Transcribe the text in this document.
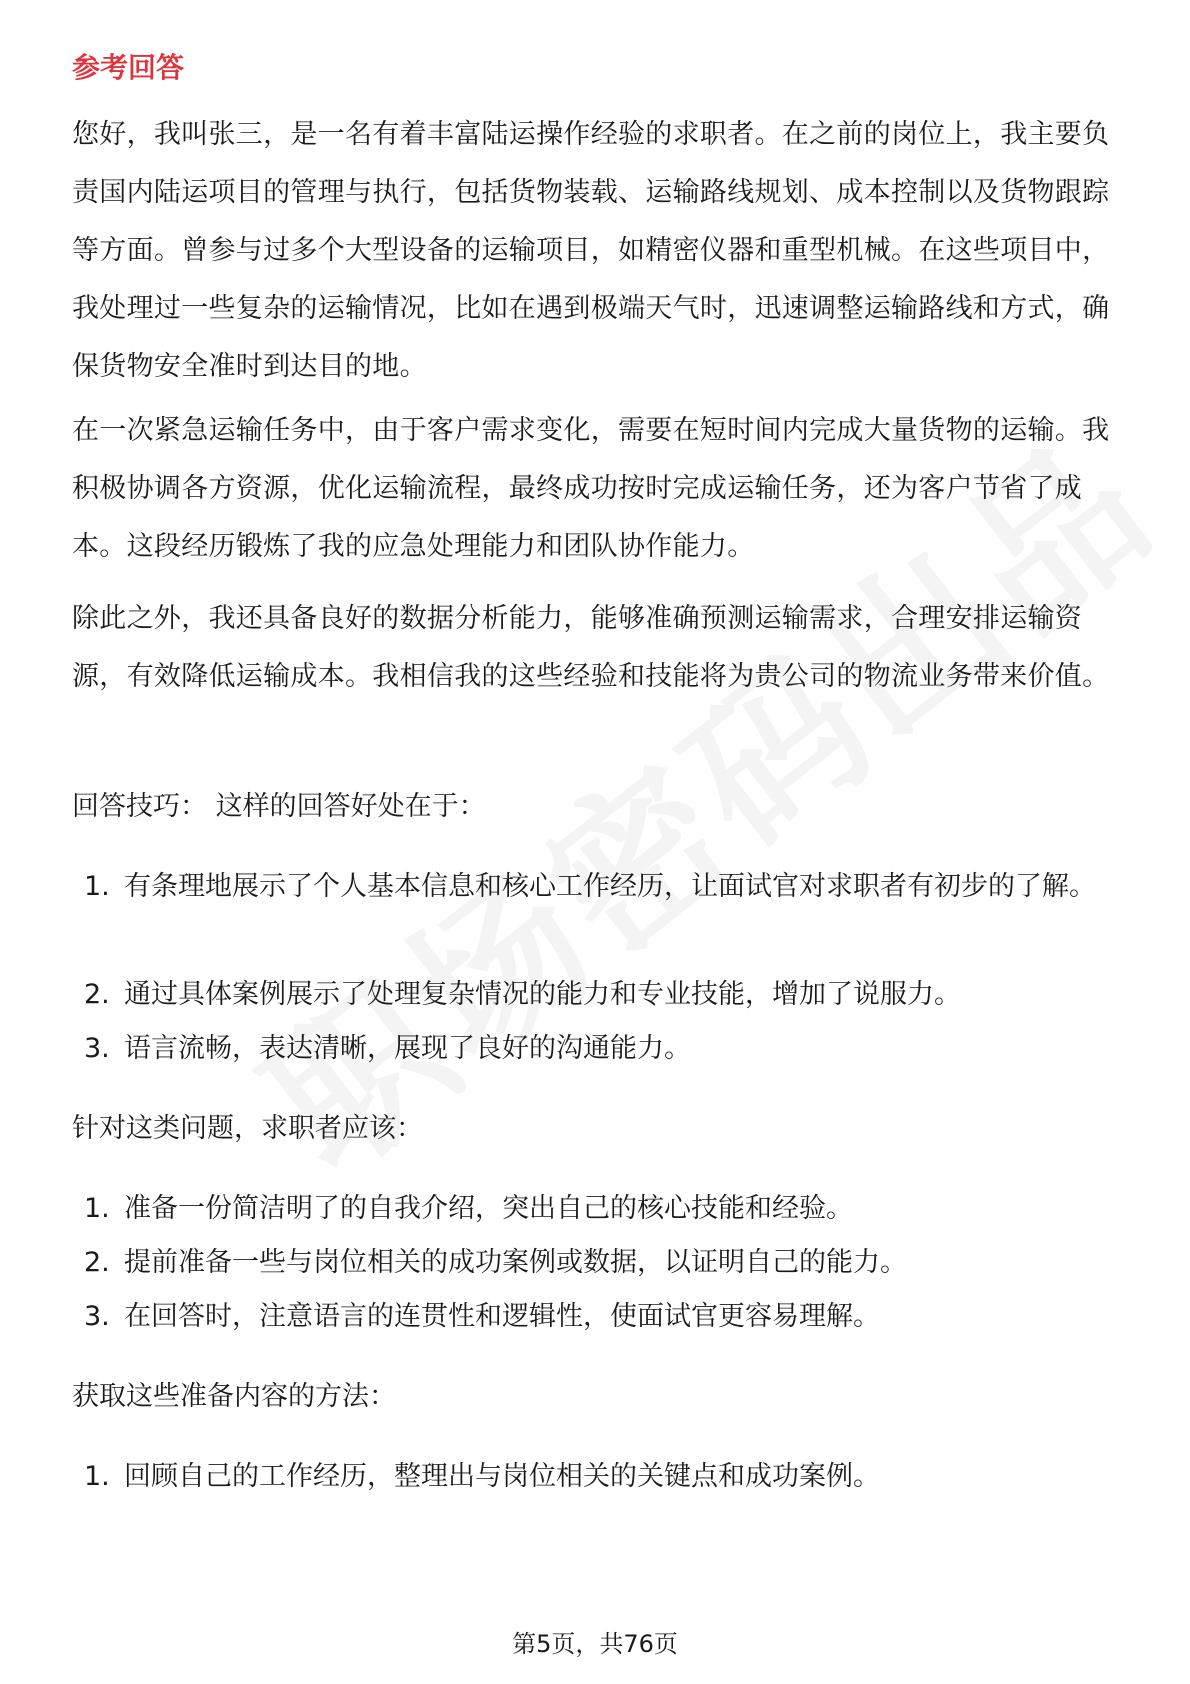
参考回答

您好，我叫张三，是一名有着丰富陆运操作经验的求职者。在之前的岗位上，我主要负责国内陆运项目的管理与执行，包括货物装载、运输路线规划、成本控制以及货物跟踪等方面。曾参与过多个大型设备的运输项目，如精密仪器和重型机械。在这些项目中，我处理过一些复杂的运输情况，比如在遇到极端天气时，迅速调整运输路线和方式，确保货物安全准时到达目的地。

在一次紧急运输任务中，由于客户需求变化，需要在短时间内完成大量货物的运输。我积极协调各方资源，优化运输流程，最终成功按时完成运输任务，还为客户节省了成本。这段经历锻炼了我的应急处理能力和团队协作能力。

除此之外，我还具备良好的数据分析能力，能够准确预测运输需求，合理安排运输资源，有效降低运输成本。我相信我的这些经验和技能将为贵公司的物流业务带来价值。

回答技巧： 这样的回答好处在于：

1. 有条理地展示了个人基本信息和核心工作经历，让面试官对求职者有初步的了解。
2. 通过具体案例展示了处理复杂情况的能力和专业技能，增加了说服力。
3. 语言流畅，表达清晰，展现了良好的沟通能力。

针对这类问题，求职者应该：

1. 准备一份简洁明了的自我介绍，突出自己的核心技能和经验。
2. 提前准备一些与岗位相关的成功案例或数据，以证明自己的能力。
3. 在回答时，注意语言的连贯性和逻辑性，使面试官更容易理解。

获取这些准备内容的方法：

1. 回顾自己的工作经历，整理出与岗位相关的关键点和成功案例。
第5页，共76页
